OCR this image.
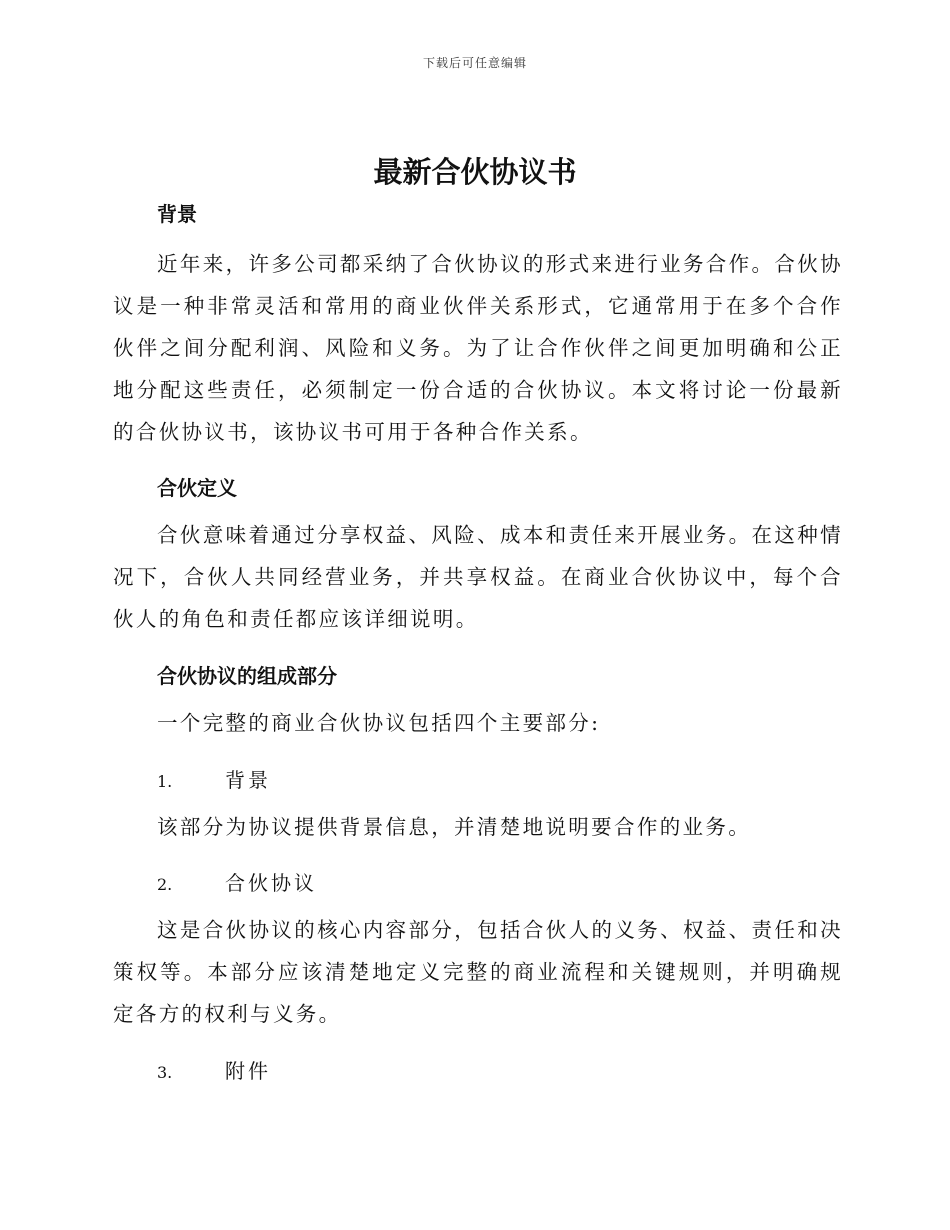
下载后可任意编辑
最新合伙协议书
背景

近年来，许多公司都采纳了合伙协议的形式来进行业务合作。合伙协议是一种非常灵活和常用的商业伙伴关系形式，它通常用于在多个合作伙伴之间分配利润、风险和义务。为了让合作伙伴之间更加明确和公正地分配这些责任，必须制定一份合适的合伙协议。本文将讨论一份最新的合伙协议书，该协议书可用于各种合作关系。

合伙定义

合伙意味着通过分享权益、风险、成本和责任来开展业务。在这种情况下，合伙人共同经营业务，并共享权益。在商业合伙协议中，每个合伙人的角色和责任都应该详细说明。

合伙协议的组成部分

一个完整的商业合伙协议包括四个主要部分:

1.	背景

该部分为协议提供背景信息，并清楚地说明要合作的业务。

2.	合伙协议

这是合伙协议的核心内容部分，包括合伙人的义务、权益、责任和决策权等。本部分应该清楚地定义完整的商业流程和关键规则，并明确规定各方的权利与义务。

3.	附件
